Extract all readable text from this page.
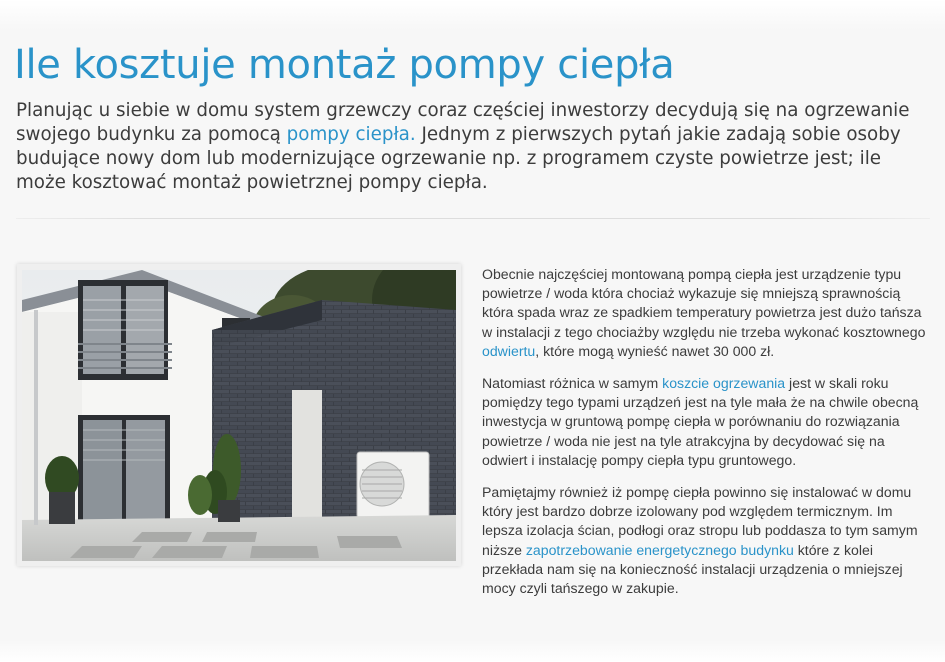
Ile kosztuje montaż pompy ciepła

Planując u siebie w domu system grzewczy coraz częściej inwestorzy decydują się na ogrzewanie swojego budynku za pomocą pompy ciepła. Jednym z pierwszych pytań jakie zadają sobie osoby budujące nowy dom lub modernizujące ogrzewanie np. z programem czyste powietrze jest; ile może kosztować montaż powietrznej pompy ciepła.

Obecnie najczęściej montowaną pompą ciepła jest urządzenie typu powietrze / woda która chociaż wykazuje się mniejszą sprawnością która spada wraz ze spadkiem temperatury powietrza jest dużo tańsza w instalacji z tego chociażby względu nie trzeba wykonać kosztownego odwiertu, które mogą wynieść nawet 30 000 zł.

Natomiast różnica w samym koszcie ogrzewania jest w skali roku pomiędzy tego typami urządzeń jest na tyle mała że na chwile obecną inwestycja w gruntową pompę ciepła w porównaniu do rozwiązania powietrze / woda nie jest na tyle atrakcyjna by decydować się na odwiert i instalację pompy ciepła typu gruntowego.

Pamiętajmy również iż pompę ciepła powinno się instalować w domu który jest bardzo dobrze izolowany pod względem termicznym. Im lepsza izolacja ścian, podłogi oraz stropu lub poddasza to tym samym niższe zapotrzebowanie energetycznego budynku które z kolei przekłada nam się na konieczność instalacji urządzenia o mniejszej mocy czyli tańszego w zakupie.
